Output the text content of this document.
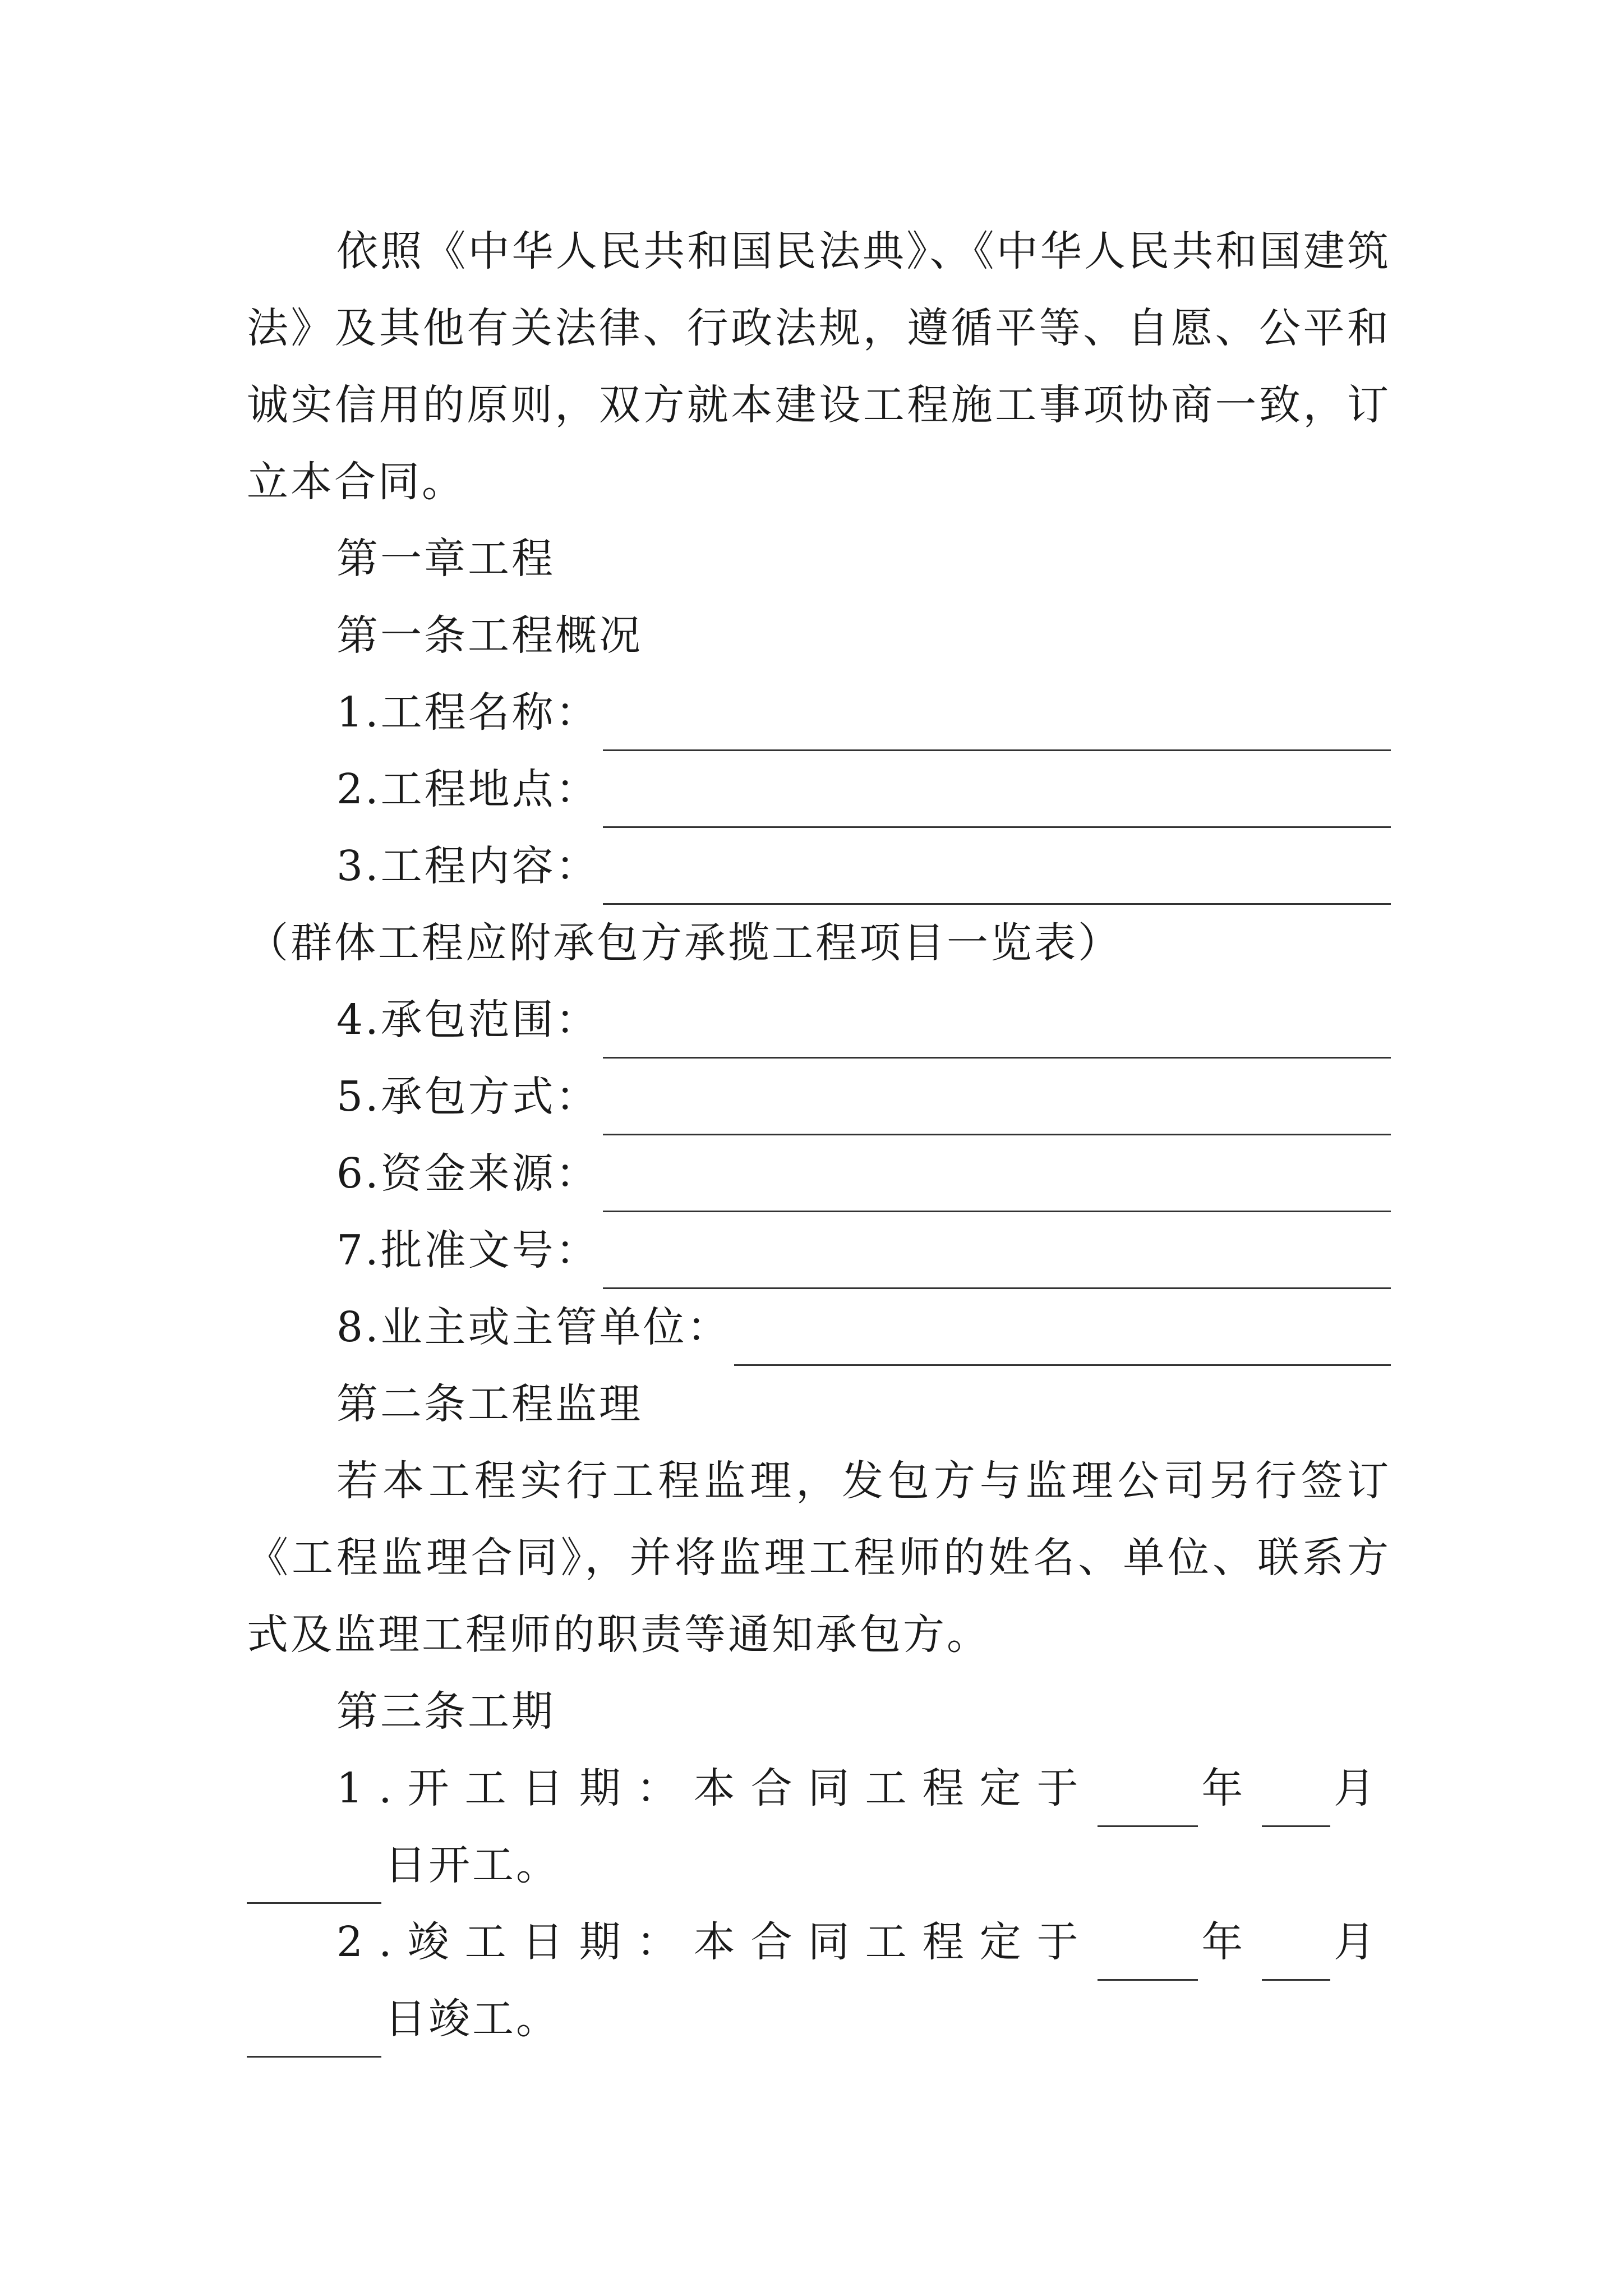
依照《中华人民共和国民法典》、《中华人民共和国建筑
法》及其他有关法律、行政法规，遵循平等、自愿、公平和
诚实信用的原则，双方就本建设工程施工事项协商一致，订
立本合同。
第一章工程
第一条工程概况
1.工程名称：
2.工程地点：
3.工程内容：
（群体工程应附承包方承揽工程项目一览表）
4.承包范围：
5.承包方式：
6.资金来源：
7.批准文号：
8.业主或主管单位：
第二条工程监理
若本工程实行工程监理，发包方与监理公司另行签订
《工程监理合同》，并将监理工程师的姓名、单位、联系方
式及监理工程师的职责等通知承包方。
第三条工期
1.开工日期：本合同工程定于	年 月
日开工。
2.竣工日期：本合同工程定于	年 月
日竣工。
